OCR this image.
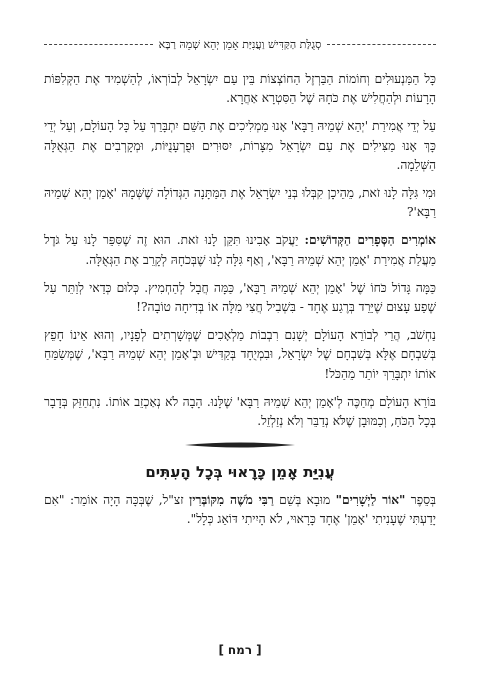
סְגֻלַּת הַקַּדִּישׁ וַעֲנִיַּת אָמֵן יְהֵא שְׁמֵהּ רַבָּא

כָּל הַמַּנְעוּלִים וְחוֹמוֹת הַבַּרְזֶל הַחוֹצְצוֹת בֵּין עַם יִשְׂרָאֵל לְבוֹרְאוֹ, לְהַשְׁמִיד אֶת הַקְּלִפּוֹת הָרָעוֹת וּלְהַחֲלִישׁ אֶת כֹּחָהּ שֶׁל הַסִּטְרָא אַחֲרָא.

עַל יְדֵי אֲמִירַת 'יְהֵא שְׁמֵיהּ רַבָּא' אָנוּ מַמְלִיכִים אֶת הַשֵּׁם יִתְבָּרֵךְ עַל כָּל הָעוֹלָם, וְעַל יְדֵי כָּךְ אָנוּ מַצִּילִים אֶת עַם יִשְׂרָאֵל מִצָּרוֹת, יִסּוּרִים וּפֻרְעָנֻיּוֹת, וּמְקָרְבִים אֶת הַגְּאֻלָּה הַשְּׁלֵמָה.

וּמִי גִּלָּה לָנוּ זֹאת, מֵהֵיכָן קִבְּלוּ בְּנֵי יִשְׂרָאֵל אֶת הַמַּתָּנָה הַגְּדוֹלָה שֶׁשְּׁמָהּ 'אָמֵן יְהֵא שְׁמֵיהּ רַבָּא'?

אוֹמְרִים הַסְּפָרִים הַקְּדוֹשִׁים: יַעֲקֹב אָבִינוּ תִּקֵּן לָנוּ זֹאת. הוּא זֶה שֶׁסִּפֵּר לָנוּ עַל גֹּדֶל מַעֲלַת אֲמִירַת 'אָמֵן יְהֵא שְׁמֵיהּ רַבָּא', וְאַף גִּלָּה לָנוּ שֶׁבְּכֹחָהּ לְקָרֵב אֶת הַגְּאֻלָּה.

כַּמָּה גָּדוֹל כֹּחוֹ שֶׁל 'אָמֵן יְהֵא שְׁמֵיהּ רַבָּא', כַּמָּה חֲבָל לְהַחְמִיץ. כְּלוּם כְּדַאי לְוַתֵּר עַל שֶׁפַע עָצוּם שֶׁיֵּרֵד בְּרֶגַע אֶחָד - בִּשְׁבִיל חֲצִי מִלָּה אוֹ בְּדִיחָה טוֹבָה?!

נַחְשֹׁב, הֲרֵי לְבוֹרֵא הָעוֹלָם יְשָׁנִם רִבְבוֹת מַלְאָכִים שֶׁמְּשָׁרְתִים לְפָנָיו, וְהוּא אֵינוֹ חָפֵץ בְּשִׁבְחָם אֶלָּא בְּשִׁבְחָם שֶׁל יִשְׂרָאֵל, וּבִמְיֻחָד בְּקַדִּישׁ וּבְ'אָמֵן יְהֵא שְׁמֵיהּ רַבָּא', שֶׁמְּשַׂמֵּחַ אוֹתוֹ יִתְבָּרֵךְ יוֹתֵר מֵהַכֹּל!

בּוֹרֵא הָעוֹלָם מְחַכֶּה לְ'אָמֵן יְהֵא שְׁמֵיהּ רַבָּא' שֶׁלָּנוּ. הָבָה לֹא נְאַכְזֵב אוֹתוֹ. נִתְחַזֵּק בְּדָבָר בְּכָל הַכֹּחַ, וְכַמּוּבָן שֶׁלֹּא נְדַבֵּר וְלֹא נְזַלְזֵל.

עֲנִיַּת אָמֵן כָּרָאוּי בְּכָל הָעִתִּים

בְּסֵפֶר "אוֹר לַיְשָׁרִים" מוּבָא בְּשֵׁם רַבִּי מֹשֶׁה מִקּוֹבְּרִין זצ"ל, שֶׁבְּכָּה הָיָה אוֹמֵר: "אִם יָדַעְתִּי שֶׁעָנִיתִי 'אָמֵן' אֶחָד כָּרָאוּי, לֹא הָיִיתִי דּוֹאֵג כְּלָל".

[רמח]
